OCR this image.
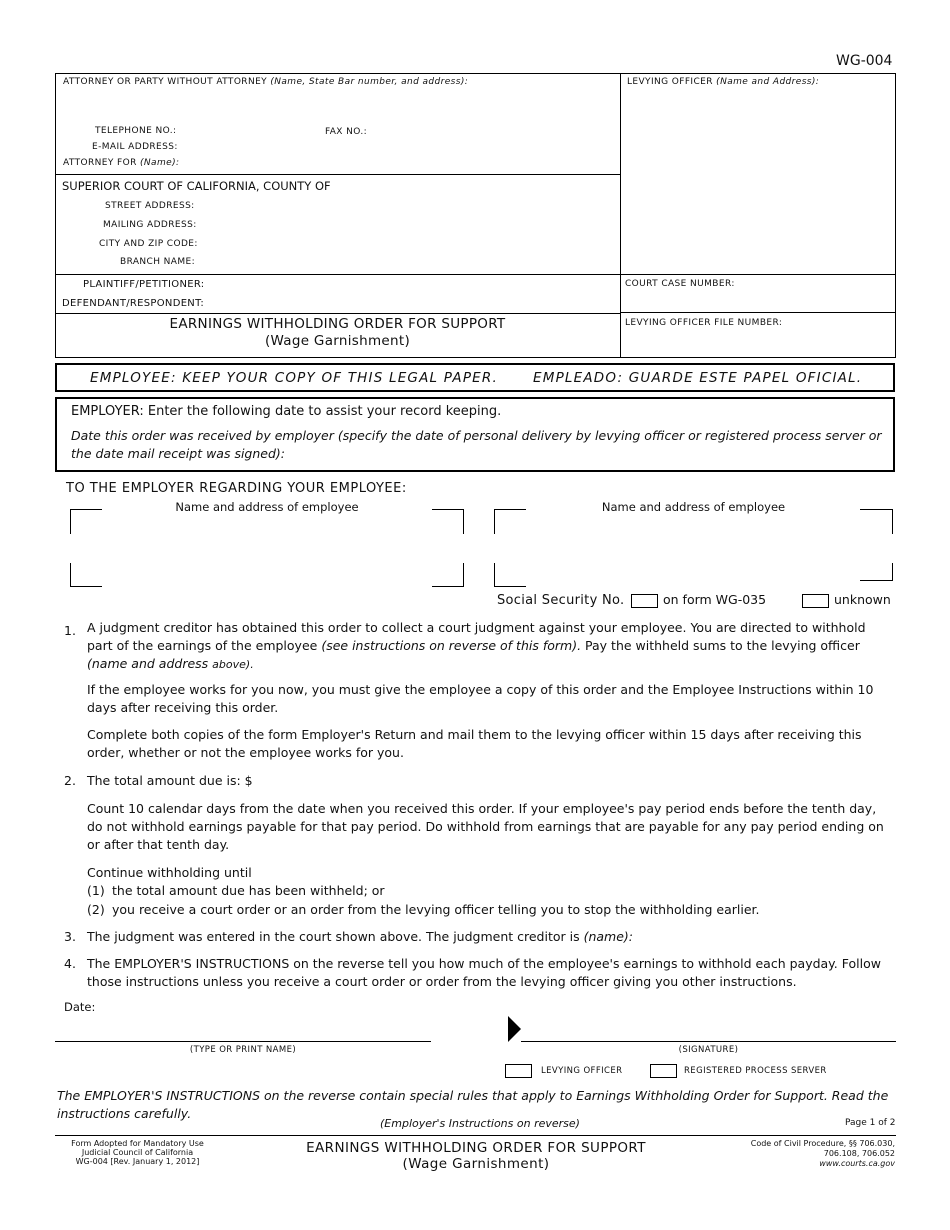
WG-004
ATTORNEY OR PARTY WITHOUT ATTORNEY (Name, State Bar number, and address):
TELEPHONE NO.:	FAX NO.:
E-MAIL ADDRESS:
ATTORNEY FOR (Name):
LEVYING OFFICER (Name and Address):
SUPERIOR COURT OF CALIFORNIA, COUNTY OF
STREET ADDRESS:
MAILING ADDRESS:
CITY AND ZIP CODE:
BRANCH NAME:
PLAINTIFF/PETITIONER:
DEFENDANT/RESPONDENT:
COURT CASE NUMBER:
EARNINGS WITHHOLDING ORDER FOR SUPPORT
(Wage Garnishment)
LEVYING OFFICER FILE NUMBER:
EMPLOYEE: KEEP YOUR COPY OF THIS LEGAL PAPER.	EMPLEADO: GUARDE ESTE PAPEL OFICIAL.
EMPLOYER: Enter the following date to assist your record keeping.
Date this order was received by employer (specify the date of personal delivery by levying officer or registered process server or the date mail receipt was signed):
TO THE EMPLOYER REGARDING YOUR EMPLOYEE:
Name and address of employee	Name and address of employee
Social Security No.	on form WG-035	unknown
1. A judgment creditor has obtained this order to collect a court judgment against your employee. You are directed to withhold part of the earnings of the employee (see instructions on reverse of this form). Pay the withheld sums to the levying officer (name and address above).
If the employee works for you now, you must give the employee a copy of this order and the Employee Instructions within 10 days after receiving this order.
Complete both copies of the form Employer's Return and mail them to the levying officer within 15 days after receiving this order, whether or not the employee works for you.
2. The total amount due is: $
Count 10 calendar days from the date when you received this order. If your employee's pay period ends before the tenth day, do not withhold earnings payable for that pay period. Do withhold from earnings that are payable for any pay period ending on or after that tenth day.
Continue withholding until
(1) the total amount due has been withheld; or
(2) you receive a court order or an order from the levying officer telling you to stop the withholding earlier.
3. The judgment was entered in the court shown above. The judgment creditor is (name):
4. The EMPLOYER'S INSTRUCTIONS on the reverse tell you how much of the employee's earnings to withhold each payday. Follow those instructions unless you receive a court order or order from the levying officer giving you other instructions.
Date:
(TYPE OR PRINT NAME)	(SIGNATURE)
LEVYING OFFICER	REGISTERED PROCESS SERVER
The EMPLOYER'S INSTRUCTIONS on the reverse contain special rules that apply to Earnings Withholding Order for Support. Read the instructions carefully.
(Employer's Instructions on reverse)	Page 1 of 2
Form Adopted for Mandatory Use
Judicial Council of California
WG-004 [Rev. January 1, 2012]
EARNINGS WITHHOLDING ORDER FOR SUPPORT
(Wage Garnishment)
Code of Civil Procedure, §§ 706.030,
706.108, 706.052
www.courts.ca.gov
